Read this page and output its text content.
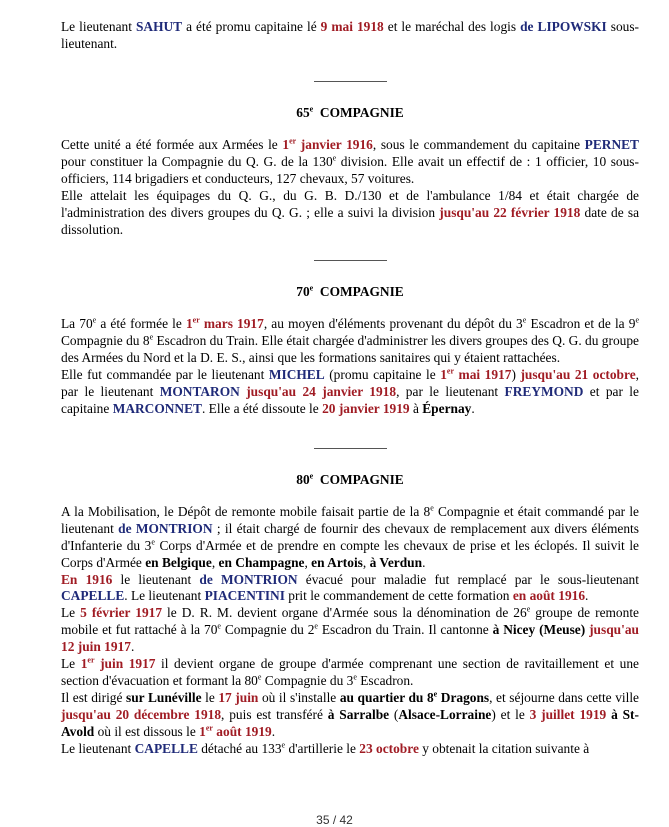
Le lieutenant SAHUT a été promu capitaine lé 9 mai 1918 et le maréchal des logis de LIPOWSKI sous-lieutenant.

65e COMPAGNIE

Cette unité a été formée aux Armées le 1er janvier 1916, sous le commandement du capitaine PERNET pour constituer la Compagnie du Q. G. de la 130e division. Elle avait un effectif de : 1 officier, 10 sous-officiers, 114 brigadiers et conducteurs, 127 chevaux, 57 voitures.

Elle attelait les équipages du Q. G., du G. B. D./130 et de l'ambulance 1/84 et était chargée de l'administration des divers groupes du Q. G. ; elle a suivi la division jusqu'au 22 février 1918 date de sa dissolution.

70e COMPAGNIE

La 70e a été formée le 1er mars 1917, au moyen d'éléments provenant du dépôt du 3e Escadron et de la 9e Compagnie du 8e Escadron du Train. Elle était chargée d'administrer les divers groupes des Q. G. du groupe des Armées du Nord et la D. E. S., ainsi que les formations sanitaires qui y étaient rattachées.

Elle fut commandée par le lieutenant MICHEL (promu capitaine le 1er mai 1917) jusqu'au 21 octobre, par le lieutenant MONTARON jusqu'au 24 janvier 1918, par le lieutenant FREYMOND et par le capitaine MARCONNET. Elle a été dissoute le 20 janvier 1919 à Épernay.

80e COMPAGNIE

A la Mobilisation, le Dépôt de remonte mobile faisait partie de la 8e Compagnie et était commandé par le lieutenant de MONTRION ; il était chargé de fournir des chevaux de remplacement aux divers éléments d'Infanterie du 3e Corps d'Armée et de prendre en compte les chevaux de prise et les éclopés. Il suivit le Corps d'Armée en Belgique, en Champagne, en Artois, à Verdun.

En 1916 le lieutenant de MONTRION évacué pour maladie fut remplacé par le sous-lieutenant CAPELLE. Le lieutenant PIACENTINI prit le commandement de cette formation en août 1916.

Le 5 février 1917 le D. R. M. devient organe d'Armée sous la dénomination de 26e groupe de remonte mobile et fut rattaché à la 70e Compagnie du 2e Escadron du Train. Il cantonne à Nicey (Meuse) jusqu'au 12 juin 1917.

Le 1er juin 1917 il devient organe de groupe d'armée comprenant une section de ravitaillement et une section d'évacuation et formant la 80e Compagnie du 3e Escadron.

Il est dirigé sur Lunéville le 17 juin où il s'installe au quartier du 8e Dragons, et séjourne dans cette ville jusqu'au 20 décembre 1918, puis est transféré à Sarralbe (Alsace-Lorraine) et le 3 juillet 1919 à St-Avold où il est dissous le 1er août 1919.

Le lieutenant CAPELLE détaché au 133e d'artillerie le 23 octobre y obtenait la citation suivante à

35 / 42
